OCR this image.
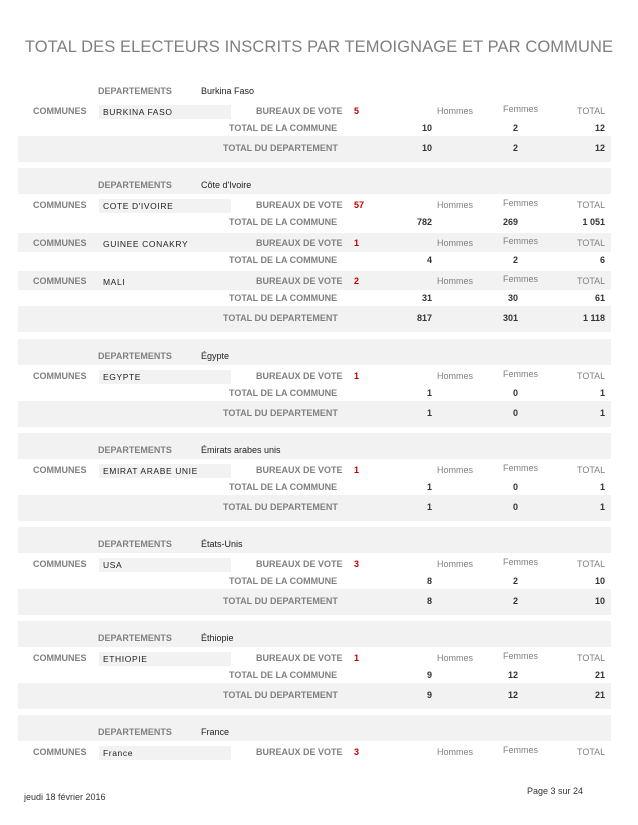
TOTAL DES ELECTEURS INSCRITS PAR TEMOIGNAGE ET PAR COMMUNE
DEPARTEMENTS	Burkina Faso
COMMUNES	BURKINA FASO	BUREAUX DE VOTE 5	Hommes	Femmes	TOTAL
TOTAL DE LA COMMUNE	10	2	12
TOTAL DU DEPARTEMENT	10	2	12
DEPARTEMENTS	Côte d'Ivoire
COMMUNES	COTE D'IVOIRE	BUREAUX DE VOTE 57	Hommes	Femmes	TOTAL
TOTAL DE LA COMMUNE	782	269	1 051
COMMUNES	GUINEE CONAKRY	BUREAUX DE VOTE 1	Hommes	Femmes	TOTAL
TOTAL DE LA COMMUNE	4	2	6
COMMUNES	MALI	BUREAUX DE VOTE 2	Hommes	Femmes	TOTAL
TOTAL DE LA COMMUNE	31	30	61
TOTAL DU DEPARTEMENT	817	301	1 118
DEPARTEMENTS	Égypte
COMMUNES	EGYPTE	BUREAUX DE VOTE 1	Hommes	Femmes	TOTAL
TOTAL DE LA COMMUNE	1	0	1
TOTAL DU DEPARTEMENT	1	0	1
DEPARTEMENTS	Émirats arabes unis
COMMUNES	EMIRAT ARABE UNIE	BUREAUX DE VOTE 1	Hommes	Femmes	TOTAL
TOTAL DE LA COMMUNE	1	0	1
TOTAL DU DEPARTEMENT	1	0	1
DEPARTEMENTS	États-Unis
COMMUNES	USA	BUREAUX DE VOTE 3	Hommes	Femmes	TOTAL
TOTAL DE LA COMMUNE	8	2	10
TOTAL DU DEPARTEMENT	8	2	10
DEPARTEMENTS	Éthiopie
COMMUNES	ETHIOPIE	BUREAUX DE VOTE 1	Hommes	Femmes	TOTAL
TOTAL DE LA COMMUNE	9	12	21
TOTAL DU DEPARTEMENT	9	12	21
DEPARTEMENTS	France
COMMUNES	France	BUREAUX DE VOTE 3	Hommes	Femmes	TOTAL
jeudi 18 février 2016
Page 3 sur 24
